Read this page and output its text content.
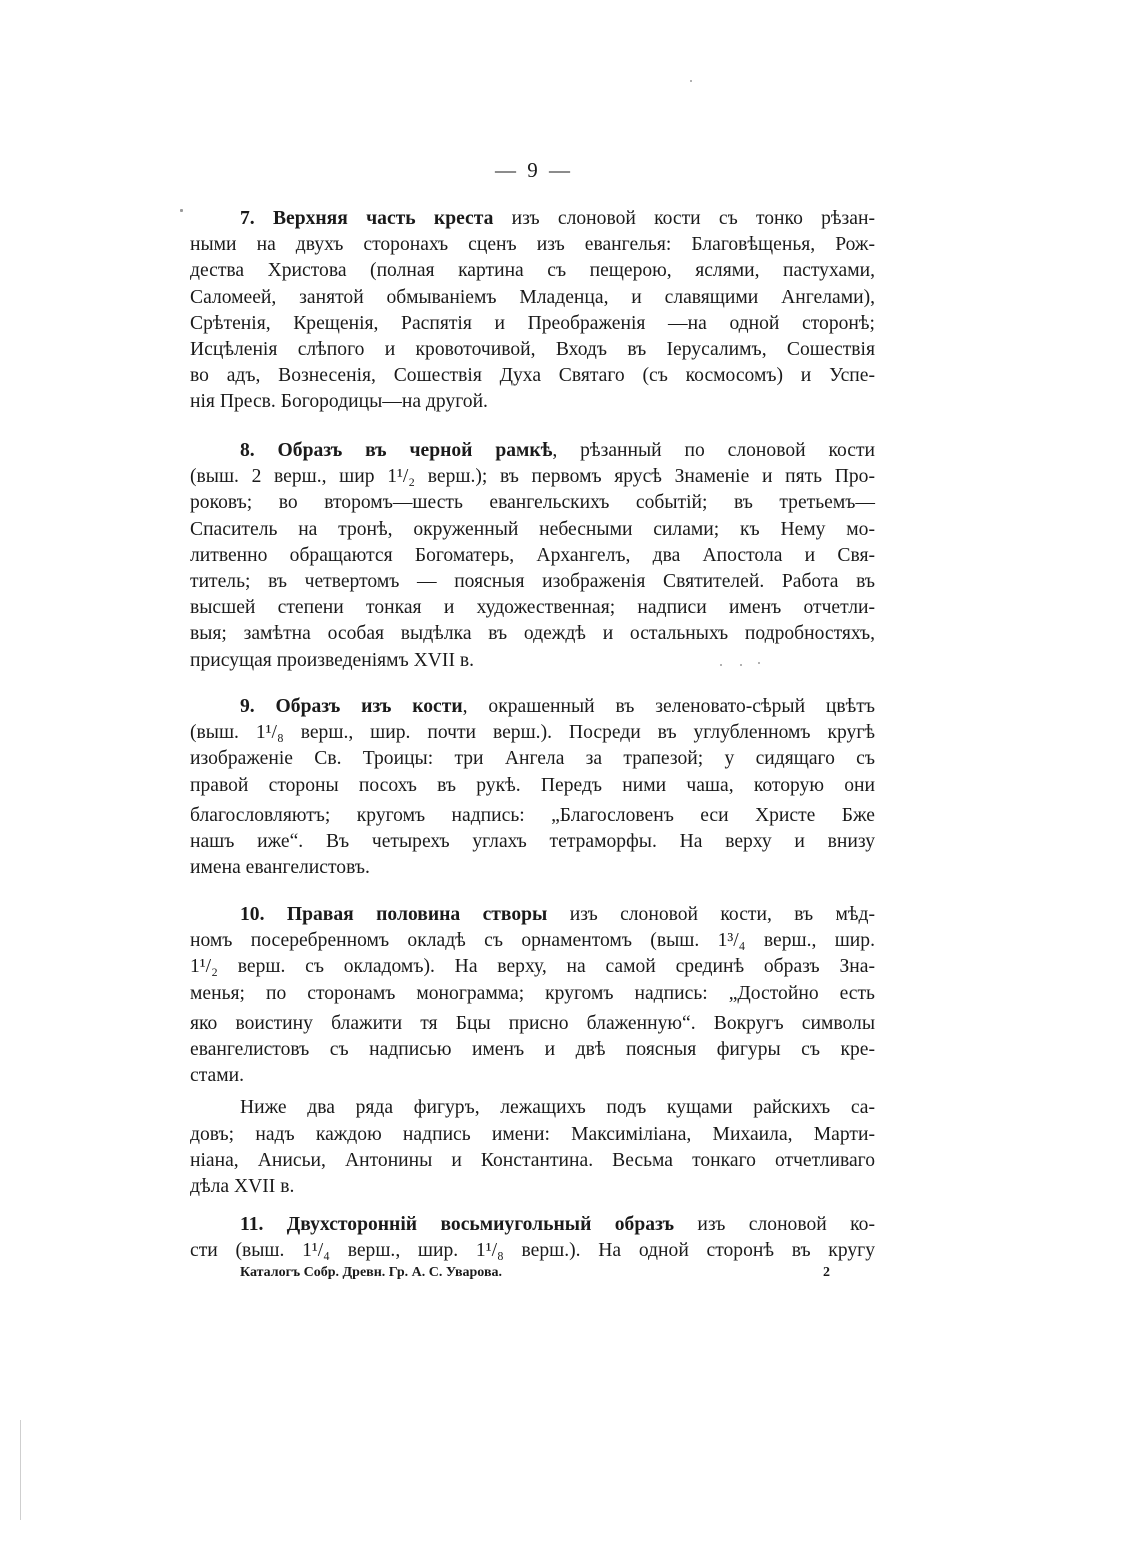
— 9 —
7. Верхняя часть креста изъ слоновой кости съ тонко рѣзан-
ными на двухъ сторонахъ сценъ изъ евангелья: Благовѣщенья, Рож-
дества Христова (полная картина съ пещерою, яслями, пастухами,
Саломеей, занятой обмываніемъ Младенца, и славящими Ангелами),
Срѣтенія, Крещенія, Распятія и Преображенія —на одной сторонѣ;
Исцѣленія слѣпого и кровоточивой, Входъ въ Іерусалимъ, Сошествія
во адъ, Вознесенія, Сошествія Духа Святаго (съ космосомъ) и Успе-
нія Пресв. Богородицы—на другой.
8. Образъ въ черной рамкѣ, рѣзанный по слоновой кости
(выш. 2 верш., шир 1¹/₂ верш.); въ первомъ ярусѣ Знаменіе и пять Про-
роковъ; во второмъ—шесть евангельскихъ событій; въ третьемъ—
Спаситель на тронѣ, окруженный небесными силами; къ Нему мо-
литвенно обращаются Богоматерь, Архангелъ, два Апостола и Свя-
титель; въ четвертомъ — поясныя изображенія Святителей. Работа въ
высшей степени тонкая и художественная; надписи именъ отчетли-
выя; замѣтна особая выдѣлка въ одеждѣ и остальныхъ подробностяхъ,
присущая произведеніямъ XVII в.
9. Образъ изъ кости, окрашенный въ зеленовато-сѣрый цвѣтъ
(выш. 1¹/₈ верш., шир. почти верш.). Посреди въ углубленномъ кругѣ
изображеніе Св. Троицы: три Ангела за трапезой; у сидящаго съ
правой стороны посохъ въ рукѣ. Передъ ними чаша, которую они
благословляютъ; кругомъ надпись: „Благословенъ еси Христе Бже
нашъ иже“. Въ четырехъ углахъ тетраморфы. На верху и внизу
имена евангелистовъ.
10. Правая половина створы изъ слоновой кости, въ мѣд-
номъ посеребренномъ окладѣ съ орнаментомъ (выш. 1³/₄ верш., шир.
1¹/₂ верш. съ окладомъ). На верху, на самой срединѣ образъ Зна-
менья; по сторонамъ монограмма; кругомъ надпись: „Достойно есть
яко воистину блажити тя Бцы присно блаженную“. Вокругъ символы
евангелистовъ съ надписью именъ и двѣ поясныя фигуры съ кре-
стами.
Ниже два ряда фигуръ, лежащихъ подъ кущами райскихъ са-
довъ; надъ каждою надпись имени: Максиміліана, Михаила, Марти-
ніана, Анисьи, Антонины и Константина. Весьма тонкаго отчетливаго
дѣла XVII в.
11. Двухсторонній восьмиугольный образъ изъ слоновой ко-
сти (выш. 1¹/₄ верш., шир. 1¹/₈ верш.). На одной сторонѣ въ кругу
Каталогъ Собр. Древн. Гр. А. С. Уварова.	2
